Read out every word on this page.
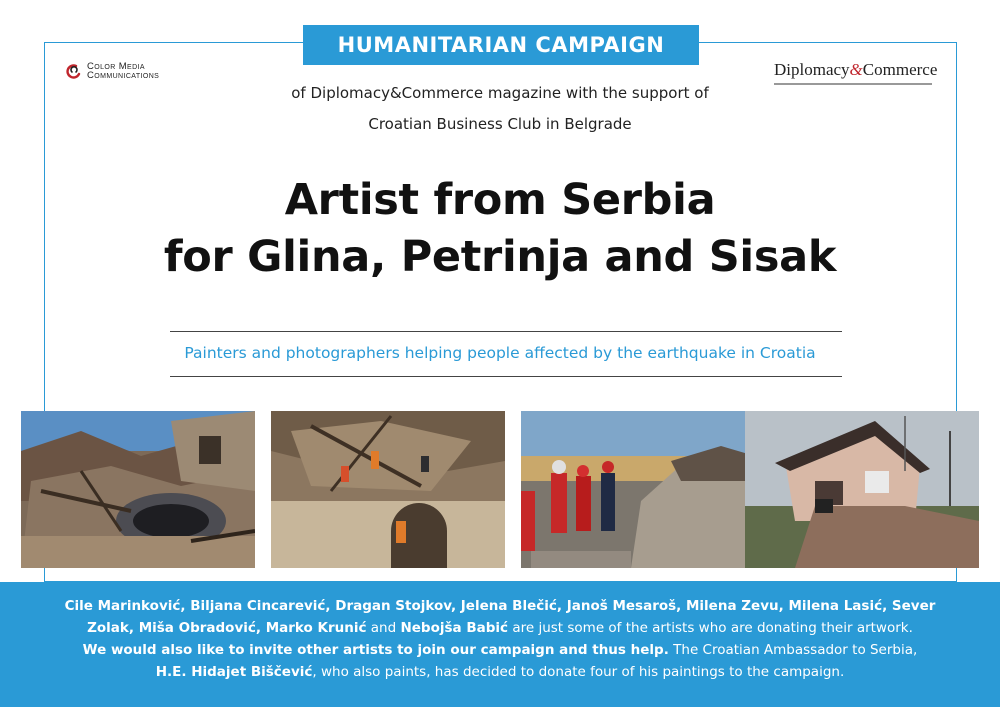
HUMANITARIAN CAMPAIGN
Color Media
Communications	Diplomacy&Commerce
of Diplomacy&Commerce magazine with the support of
Croatian Business Club in Belgrade
Artist from Serbia
for Glina, Petrinja and Sisak
Painters and photographers helping people affected by the earthquake in Croatia
Cile Marinković, Biljana Cincarević, Dragan Stojkov, Jelena Blečić, Janoš Mesaroš, Milena Zevu, Milena Lasić, Sever Zolak, Miša Obradović, Marko Krunić and Nebojša Babić are just some of the artists who are donating their artwork.
We would also like to invite other artists to join our campaign and thus help. The Croatian Ambassador to Serbia,
H.E. Hidajet Biščević, who also paints, has decided to donate four of his paintings to the campaign.
